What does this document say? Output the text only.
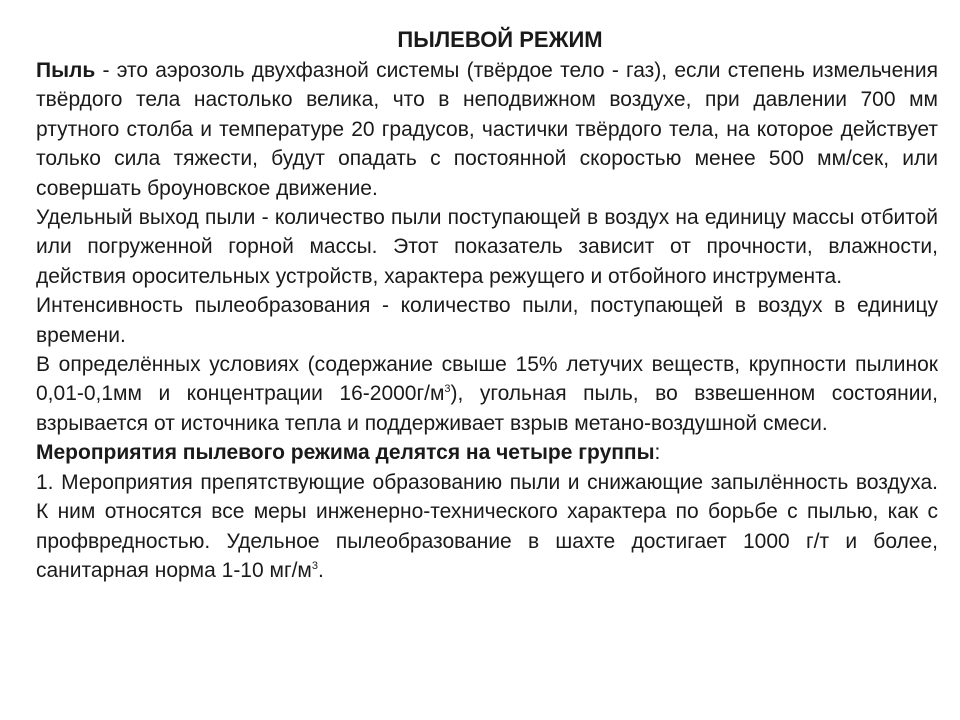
ПЫЛЕВОЙ РЕЖИМ

Пыль - это аэрозоль двухфазной системы (твёрдое тело - газ), если степень измельчения твёрдого тела настолько велика, что в неподвижном воздухе, при давлении 700 мм ртутного столба и температуре 20 градусов, частички твёрдого тела, на которое действует только сила тяжести, будут опадать с постоянной скоростью менее 500 мм/сек, или совершать броуновское движение.

Удельный выход пыли - количество пыли поступающей в воздух на единицу массы отбитой или погруженной горной массы. Этот показатель зависит от прочности, влажности, действия оросительных устройств, характера режущего и отбойного инструмента.

Интенсивность пылеобразования - количество пыли, поступающей в воздух в единицу времени.

В определённых условиях (содержание свыше 15% летучих веществ, крупности пылинок 0,01-0,1мм и концентрации $16-2000г/м^3$), угольная пыль, во взвешенном состоянии, взрывается от источника тепла и поддерживает взрыв метано-воздушной смеси.

Мероприятия пылевого режима делятся на четыре группы:

1. Мероприятия препятствующие образованию пыли и снижающие запылённость воздуха. К ним относятся все меры инженерно-технического характера по борьбе с пылью, как с профвредностью. Удельное пылеобразование в шахте достигает 1000 г/т и более, санитарная норма 1-10 $мг/м^3$.
